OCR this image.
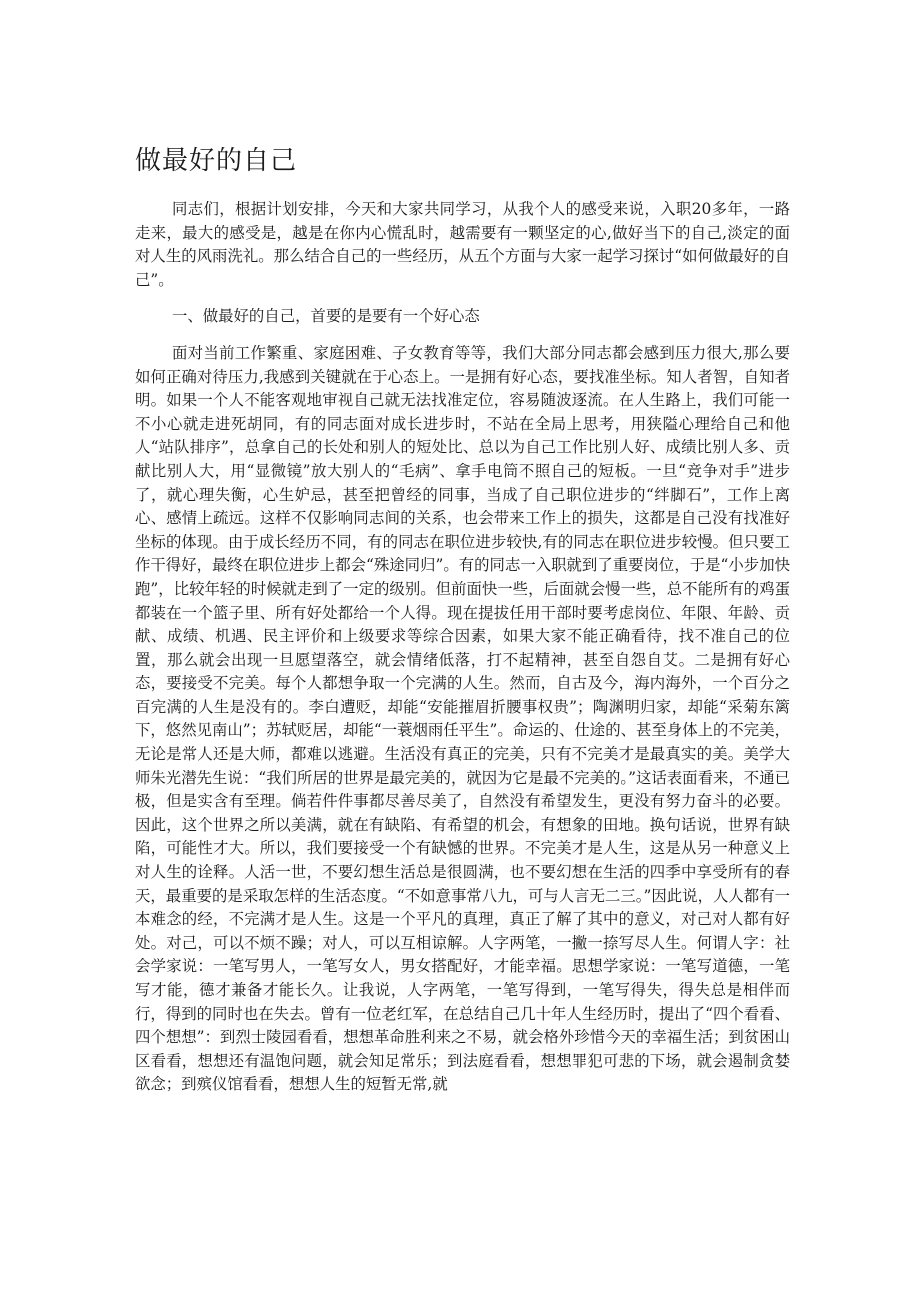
做最好的自己

同志们，根据计划安排，今天和大家共同学习，从我个人的感受来说，入职20多年，一路走来，最大的感受是，越是在你内心慌乱时，越需要有一颗坚定的心,做好当下的自己,淡定的面对人生的风雨洗礼。那么结合自己的一些经历，从五个方面与大家一起学习探讨“如何做最好的自己”。

一、做最好的自己，首要的是要有一个好心态

面对当前工作繁重、家庭困难、子女教育等等，我们大部分同志都会感到压力很大,那么要如何正确对待压力,我感到关键就在于心态上。一是拥有好心态，要找准坐标。知人者智，自知者明。如果一个人不能客观地审视自己就无法找准定位，容易随波逐流。在人生路上，我们可能一不小心就走进死胡同，有的同志面对成长进步时，不站在全局上思考，用狭隘心理给自己和他人“站队排序”，总拿自己的长处和别人的短处比、总以为自己工作比别人好、成绩比别人多、贡献比别人大，用“显微镜”放大别人的“毛病”、拿手电筒不照自己的短板。一旦“竞争对手”进步了，就心理失衡，心生妒忌，甚至把曾经的同事，当成了自己职位进步的“绊脚石”，工作上离心、感情上疏远。这样不仅影响同志间的关系，也会带来工作上的损失，这都是自己没有找准好坐标的体现。由于成长经历不同，有的同志在职位进步较快,有的同志在职位进步较慢。但只要工作干得好，最终在职位进步上都会“殊途同归”。有的同志一入职就到了重要岗位，于是“小步加快跑”，比较年轻的时候就走到了一定的级别。但前面快一些，后面就会慢一些，总不能所有的鸡蛋都装在一个篮子里、所有好处都给一个人得。现在提拔任用干部时要考虑岗位、年限、年龄、贡献、成绩、机遇、民主评价和上级要求等综合因素，如果大家不能正确看待，找不准自己的位置，那么就会出现一旦愿望落空，就会情绪低落，打不起精神，甚至自怨自艾。二是拥有好心态，要接受不完美。每个人都想争取一个完满的人生。然而，自古及今，海内海外，一个百分之百完满的人生是没有的。李白遭贬，却能“安能摧眉折腰事权贵”；陶渊明归家，却能“采菊东篱下，悠然见南山”；苏轼贬居，却能“一蓑烟雨任平生”。命运的、仕途的、甚至身体上的不完美，无论是常人还是大师，都难以逃避。生活没有真正的完美，只有不完美才是最真实的美。美学大师朱光潜先生说：“我们所居的世界是最完美的，就因为它是最不完美的。”这话表面看来，不通已极，但是实含有至理。倘若件件事都尽善尽美了，自然没有希望发生，更没有努力奋斗的必要。因此，这个世界之所以美满，就在有缺陷、有希望的机会，有想象的田地。换句话说，世界有缺陷，可能性才大。所以，我们要接受一个有缺憾的世界。不完美才是人生，这是从另一种意义上对人生的诠释。人活一世，不要幻想生活总是很圆满，也不要幻想在生活的四季中享受所有的春天，最重要的是采取怎样的生活态度。“不如意事常八九，可与人言无二三。”因此说，人人都有一本难念的经，不完满才是人生。这是一个平凡的真理，真正了解了其中的意义，对己对人都有好处。对己，可以不烦不躁；对人，可以互相谅解。人字两笔，一撇一捺写尽人生。何谓人字：社会学家说：一笔写男人，一笔写女人，男女搭配好，才能幸福。思想学家说：一笔写道德，一笔写才能，德才兼备才能长久。让我说，人字两笔，一笔写得到，一笔写得失，得失总是相伴而行，得到的同时也在失去。曾有一位老红军，在总结自己几十年人生经历时，提出了“四个看看、四个想想”：到烈士陵园看看，想想革命胜利来之不易，就会格外珍惜今天的幸福生活；到贫困山区看看，想想还有温饱问题，就会知足常乐；到法庭看看，想想罪犯可悲的下场，就会遏制贪婪欲念；到殡仪馆看看，想想人生的短暂无常,就
